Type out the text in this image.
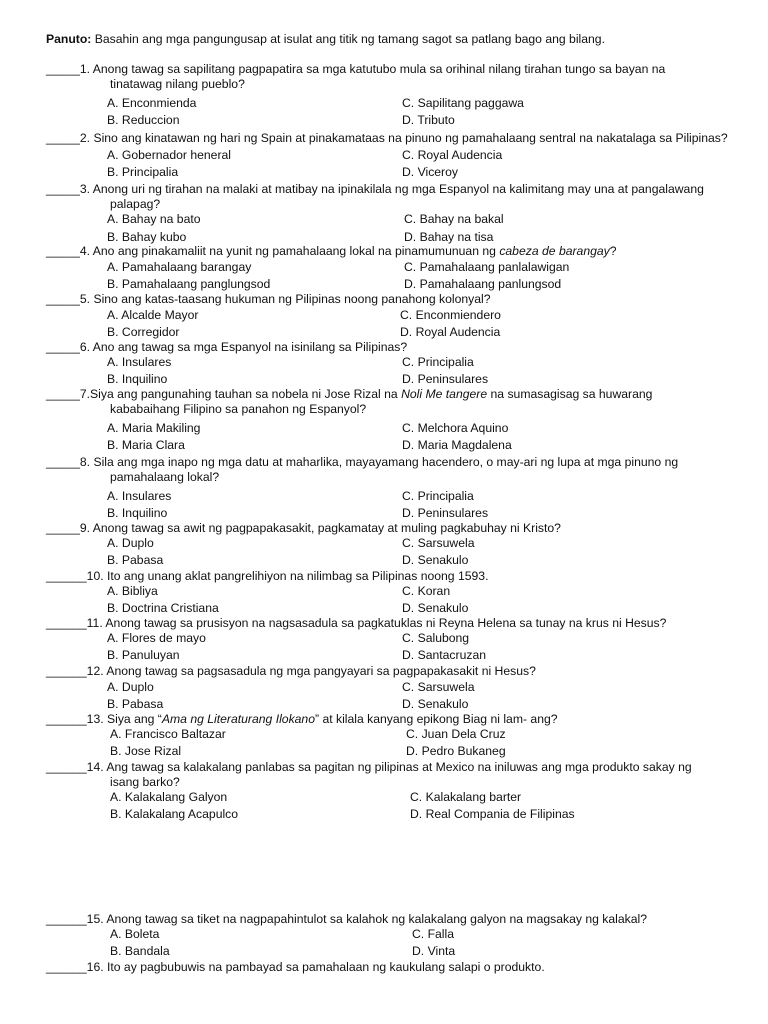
Panuto: Basahin ang mga pangungusap at isulat ang titik ng tamang sagot sa patlang bago ang bilang.
_____1. Anong tawag sa sapilitang pagpapatira sa mga katutubo mula sa orihinal nilang tirahan tungo sa bayan na
tinatawag nilang pueblo?
A. Enconmienda	C. Sapilitang paggawa
B. Reduccion	D. Tributo
_____2. Sino ang kinatawan ng hari ng Spain at pinakamataas na pinuno ng pamahalaang sentral na nakatalaga sa Pilipinas?
A. Gobernador heneral	C. Royal Audencia
B. Principalia	D. Viceroy
_____3. Anong uri ng tirahan na malaki at matibay na ipinakilala ng mga Espanyol na kalimitang may una at pangalawang
palapag?
A. Bahay na bato	C. Bahay na bakal
B. Bahay kubo	D. Bahay na tisa
_____4. Ano ang pinakamaliit na yunit ng pamahalaang lokal na pinamumunuan ng cabeza de barangay?
A. Pamahalaang barangay	C. Pamahalaang panlalawigan
B. Pamahalaang panglungsod	D. Pamahalaang panlungsod
_____5. Sino ang katas-taasang hukuman ng Pilipinas noong panahong kolonyal?
A. Alcalde Mayor	C. Enconmiendero
B. Corregidor	D. Royal Audencia
_____6. Ano ang tawag sa mga Espanyol na isinilang sa Pilipinas?
A. Insulares	C. Principalia
B. Inquilino	D. Peninsulares
_____7.Siya ang pangunahing tauhan sa nobela ni Jose Rizal na Noli Me tangere na sumasagisag sa huwarang
kababaihang Filipino sa panahon ng Espanyol?
A. Maria Makiling	C. Melchora Aquino
B. Maria Clara	D. Maria Magdalena
_____8. Sila ang mga inapo ng mga datu at maharlika, mayayamang hacendero, o may-ari ng lupa at mga pinuno ng
pamahalaang lokal?
A. Insulares	C. Principalia
B. Inquilino	D. Peninsulares
_____9. Anong tawag sa awit ng pagpapakasakit, pagkamatay at muling pagkabuhay ni Kristo?
A. Duplo	C. Sarsuwela
B. Pabasa	D. Senakulo
______10. Ito ang unang aklat pangrelihiyon na nilimbag sa Pilipinas noong 1593.
A. Bibliya	C. Koran
B. Doctrina Cristiana	D. Senakulo
______11. Anong tawag sa prusisyon na nagsasadula sa pagkatuklas ni Reyna Helena sa tunay na krus ni Hesus?
A. Flores de mayo	C. Salubong
B. Panuluyan	D. Santacruzan
______12. Anong tawag sa pagsasadula ng mga pangyayari sa pagpapakasakit ni Hesus?
A. Duplo	C. Sarsuwela
B. Pabasa	D. Senakulo
______13. Siya ang “Ama ng Literaturang Ilokano” at kilala kanyang epikong Biag ni lam- ang?
A. Francisco Baltazar	C. Juan Dela Cruz
B. Jose Rizal	D. Pedro Bukaneg
______14. Ang tawag sa kalakalang panlabas sa pagitan ng pilipinas at Mexico na iniluwas ang mga produkto sakay ng
isang barko?
A. Kalakalang Galyon	C. Kalakalang barter
B. Kalakalang Acapulco	D. Real Compania de Filipinas
______15. Anong tawag sa tiket na nagpapahintulot sa kalahok ng kalakalang galyon na magsakay ng kalakal?
A. Boleta	C. Falla
B. Bandala	D. Vinta
______16. Ito ay pagbubuwis na pambayad sa pamahalaan ng kaukulang salapi o produkto.
